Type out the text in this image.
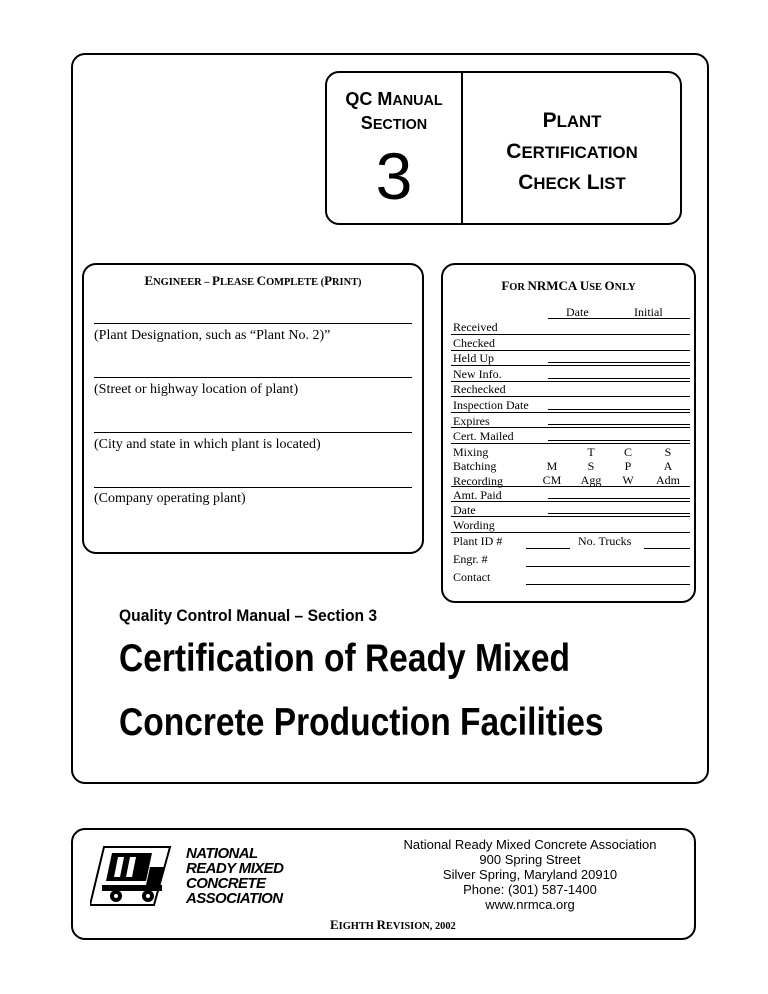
QC MANUAL
SECTION
3
PLANT
CERTIFICATION
CHECK LIST
ENGINEER – PLEASE COMPLETE (PRINT)
(Plant Designation, such as “Plant No. 2)”
(Street or highway location of plant)
(City and state in which plant is located)
(Company operating plant)
FOR NRMCA USE ONLY
Date	Initial
Received
Checked
Held Up
New Info.
Rechecked
Inspection Date
Expires
Cert. Mailed
Mixing
Batching
Recording
Amt. Paid
Date
Wording
Plant ID #
Engr. #
Contact
No. Trucks

M
CM
T
S
Agg
C
P
W
S
A
Adm
Quality Control Manual – Section 3
Certification of Ready Mixed
Concrete Production Facilities
NATIONAL
READY MIXED
CONCRETE
ASSOCIATION
National Ready Mixed Concrete Association
900 Spring Street
Silver Spring, Maryland 20910
Phone: (301) 587-1400
www.nrmca.org
EIGHTH REVISION, 2002
